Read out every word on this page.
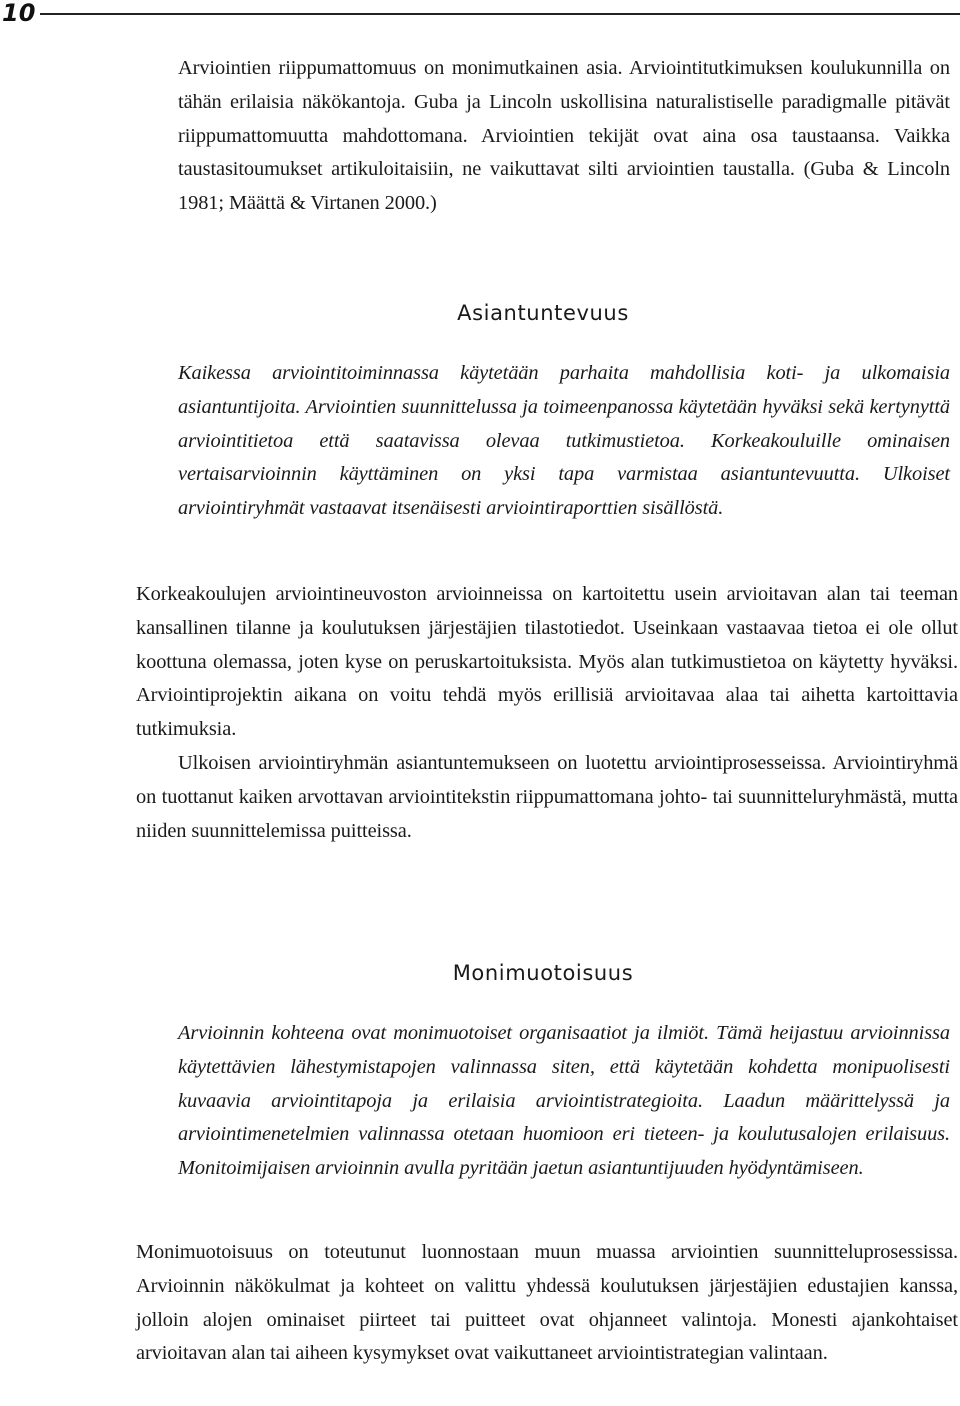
10

Arviointien riippumattomuus on monimutkainen asia. Arviointitutkimuksen koulukunnilla on tähän erilaisia näkökantoja. Guba ja Lincoln uskollisina naturalistiselle paradigmalle pitävät riippumattomuutta mahdottomana. Arviointien tekijät ovat aina osa taustaansa. Vaikka taustasitoumukset artikuloitaisiin, ne vaikuttavat silti arviointien taustalla. (Guba & Lincoln 1981; Määttä & Virtanen 2000.)

Asiantuntevuus

Kaikessa arviointitoiminnassa käytetään parhaita mahdollisia koti- ja ulkomaisia asiantuntijoita. Arviointien suunnittelussa ja toimeenpanossa käytetään hyväksi sekä kertynyttä arviointitietoa että saatavissa olevaa tutkimustietoa. Korkeakouluille ominaisen vertaisarvioinnin käyttäminen on yksi tapa varmistaa asiantuntevuutta. Ulkoiset arviointiryhmät vastaavat itsenäisesti arviointiraporttien sisällöstä.

Korkeakoulujen arviointineuvoston arvioinneissa on kartoitettu usein arvioitavan alan tai teeman kansallinen tilanne ja koulutuksen järjestäjien tilastotiedot. Useinkaan vastaavaa tietoa ei ole ollut koottuna olemassa, joten kyse on peruskartoituksista. Myös alan tutkimustietoa on käytetty hyväksi. Arviointiprojektin aikana on voitu tehdä myös erillisiä arvioitavaa alaa tai aihetta kartoittavia tutkimuksia.
Ulkoisen arviointiryhmän asiantuntemukseen on luotettu arviointiprosesseissa. Arviointiryhmä on tuottanut kaiken arvottavan arviointitekstin riippumattomana johto- tai suunnitteluryhmästä, mutta niiden suunnittelemissa puitteissa.
Monimuotoisuus

Arvioinnin kohteena ovat monimuotoiset organisaatiot ja ilmiöt. Tämä heijastuu arvioinnissa käytettävien lähestymistapojen valinnassa siten, että käytetään kohdetta monipuolisesti kuvaavia arviointitapoja ja erilaisia arviointistrategioita. Laadun määrittelyssä ja arviointimenetelmien valinnassa otetaan huomioon eri tieteen- ja koulutusalojen erilaisuus. Monitoimijaisen arvioinnin avulla pyritään jaetun asiantuntijuuden hyödyntämiseen.

Monimuotoisuus on toteutunut luonnostaan muun muassa arviointien suunnitteluprosessissa. Arvioinnin näkökulmat ja kohteet on valittu yhdessä koulutuksen järjestäjien edustajien kanssa, jolloin alojen ominaiset piirteet tai puitteet ovat ohjanneet valintoja. Monesti ajankohtaiset arvioitavan alan tai aiheen kysymykset ovat vaikuttaneet arviointistrategian valintaan.
